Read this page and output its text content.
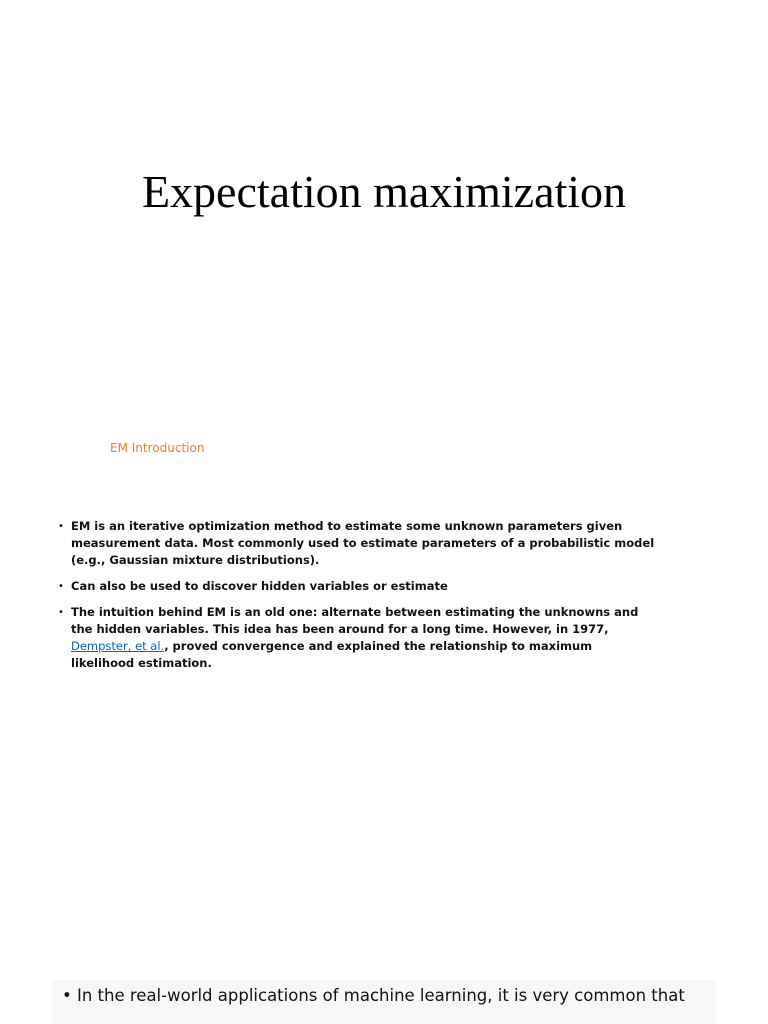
Expectation maximization
EM Introduction
• EM is an iterative optimization method to estimate some unknown parameters given measurement data. Most commonly used to estimate parameters of a probabilistic model (e.g., Gaussian mixture distributions).
• Can also be used to discover hidden variables or estimate
• The intuition behind EM is an old one: alternate between estimating the unknowns and the hidden variables. This idea has been around for a long time. However, in 1977, Dempster, et al., proved convergence and explained the relationship to maximum likelihood estimation.
• In the real-world applications of machine learning, it is very common that
